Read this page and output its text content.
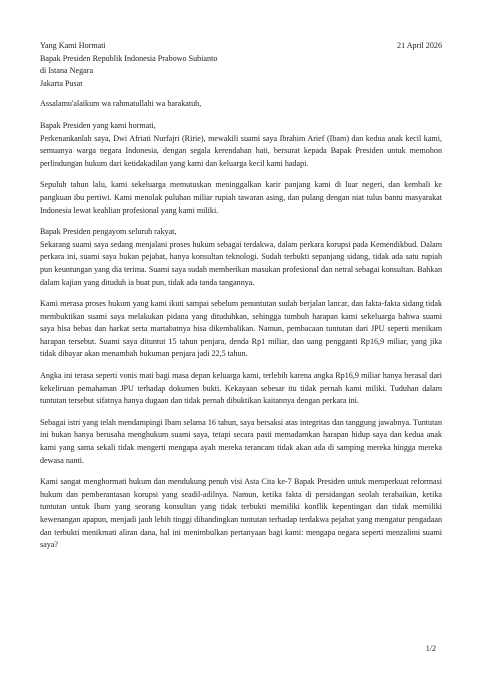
Yang Kami Hormati	21 April 2026
Bapak Presiden Republik Indonesia Prabowo Subianto
di Istana Negara
Jakarta Pusat
Assalamu'alaikum wa rahmatullahi wa barakatuh,
Bapak Presiden yang kami hormati,

Perkenankanlah saya, Dwi Afriati Nurfajri (Ririe), mewakili suami saya Ibrahim Arief (Ibam) dan kedua anak kecil kami, semuanya warga negara Indonesia, dengan segala kerendahan hati, bersurat kepada Bapak Presiden untuk memohon perlindungan hukum dari ketidakadilan yang kami dan keluarga kecil kami hadapi.

Sepuluh tahun lalu, kami sekeluarga memutuskan meninggalkan karir panjang kami di luar negeri, dan kembali ke pangkuan ibu pertiwi. Kami menolak puluhan miliar rupiah tawaran asing, dan pulang dengan niat tulus bantu masyarakat Indonesia lewat keahlian profesional yang kami miliki.

Bapak Presiden pengayom seluruh rakyat,

Sekarang suami saya sedang menjalani proses hukum sebagai terdakwa, dalam perkara korupsi pada Kemendikbud. Dalam perkara ini, suami saya bukan pejabat, hanya konsultan teknologi. Sudah terbukti sepanjang sidang, tidak ada satu rupiah pun keuntungan yang dia terima. Suami saya sudah memberikan masukan profesional dan netral sebagai konsultan. Bahkan dalam kajian yang dituduh ia buat pun, tidak ada tanda tangannya.

Kami merasa proses hukum yang kami ikuti sampai sebelum penuntutan sudah berjalan lancar, dan fakta-fakta sidang tidak membuktikan suami saya melakukan pidana yang dituduhkan, sehingga tumbuh harapan kami sekeluarga bahwa suami saya bisa bebas dan harkat serta martabatnya bisa dikembalikan. Namun, pembacaan tuntutan dari JPU seperti menikam harapan tersebut. Suami saya dituntut 15 tahun penjara, denda Rp1 miliar, dan uang pengganti Rp16,9 miliar, yang jika tidak dibayar akan menambah hukuman penjara jadi 22,5 tahun.

Angka ini terasa seperti vonis mati bagi masa depan keluarga kami, terlebih karena angka Rp16,9 miliar hanya berasal dari kekeliruan pemahaman JPU terhadap dokumen bukti. Kekayaan sebesar itu tidak pernah kami miliki. Tuduhan dalam tuntutan tersebut sifatnya hanya dugaan dan tidak pernah dibuktikan kaitannya dengan perkara ini.

Sebagai istri yang telah mendampingi Ibam selama 16 tahun, saya bersaksi atas integritas dan tanggung jawabnya. Tuntutan ini bukan hanya berusaha menghukum suami saya, tetapi secara pasti memadamkan harapan hidup saya dan kedua anak kami yang sama sekali tidak mengerti mengapa ayah mereka terancam tidak akan ada di samping mereka hingga mereka dewasa nanti.

Kami sangat menghormati hukum dan mendukung penuh visi Asta Cita ke-7 Bapak Presiden untuk memperkuat reformasi hukum dan pemberantasan korupsi yang seadil-adilnya. Namun, ketika fakta di persidangan seolah terabaikan, ketika tuntutan untuk Ibam yang seorang konsultan yang tidak terbukti memiliki konflik kepentingan dan tidak memiliki kewenangan apapun, menjadi jauh lebih tinggi dibandingkan tuntutan terhadap terdakwa pejabat yang mengatur pengadaan dan terbukti menikmati aliran dana, hal ini menimbulkan pertanyaan bagi kami: mengapa negara seperti menzalimi suami saya?

1/2
